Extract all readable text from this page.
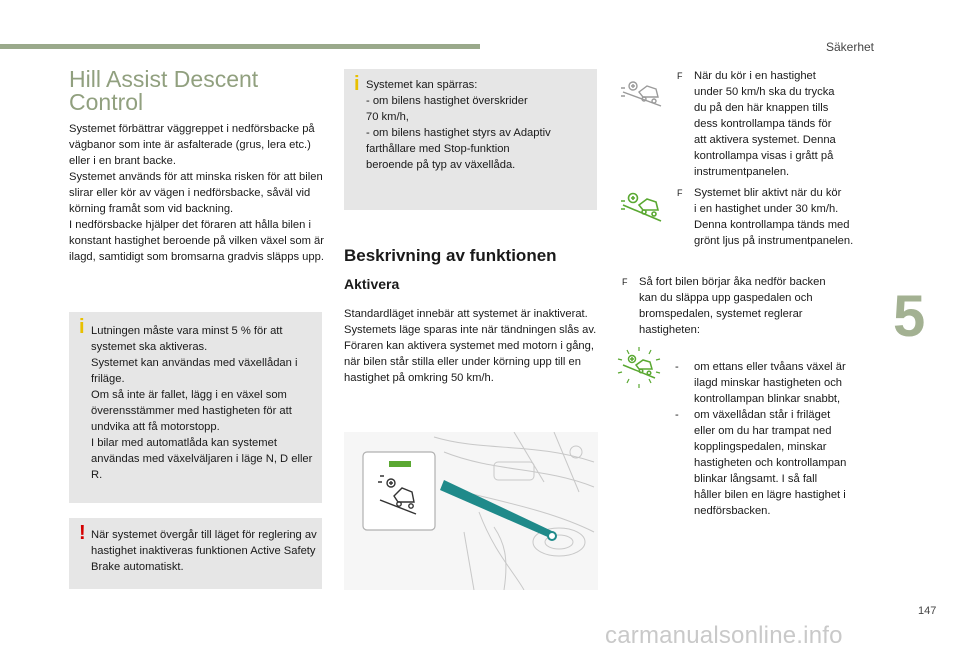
Säkerhet
5
147
carmanualsonline.info
Hill Assist Descent Control
Systemet förbättrar väggreppet i nedförsbacke på vägbanor som inte är asfalterade (grus, lera etc.) eller i en brant backe.
Systemet används för att minska risken för att bilen slirar eller kör av vägen i nedförsbacke, såväl vid körning framåt som vid backning.
I nedförsbacke hjälper det föraren att hålla bilen i konstant hastighet beroende på vilken växel som är ilagd, samtidigt som bromsarna gradvis släpps upp.
i Lutningen måste vara minst 5 % för att systemet ska aktiveras.
Systemet kan användas med växellådan i friläge.
Om så inte är fallet, lägg i en växel som överensstämmer med hastigheten för att undvika att få motorstopp.
I bilar med automatlåda kan systemet användas med växelväljaren i läge N, D eller R.
! När systemet övergår till läget för reglering av hastighet inaktiveras funktionen Active Safety Brake automatiskt.
i Systemet kan spärras:
- om bilens hastighet överskrider
70 km/h,
- om bilens hastighet styrs av Adaptiv
farthållare med Stop-funktion
beroende på typ av växellåda.
Beskrivning av funktionen
Aktivera
Standardläget innebär att systemet är inaktiverat.
Systemets läge sparas inte när tändningen slås av.
Föraren kan aktivera systemet med motorn i gång, när bilen står stilla eller under körning upp till en hastighet på omkring 50 km/h.
F När du kör i en hastighet
under 50 km/h ska du trycka
du på den här knappen tills
dess kontrollampa tänds för
att aktivera systemet. Denna
kontrollampa visas i grått på
instrumentpanelen.
F Systemet blir aktivt när du kör
i en hastighet under 30 km/h.
Denna kontrollampa tänds med
grönt ljus på instrumentpanelen.
F Så fort bilen börjar åka nedför backen
kan du släppa upp gaspedalen och
bromspedalen, systemet reglerar
hastigheten:
- om ettans eller tvåans växel är
ilagd minskar hastigheten och
kontrollampan blinkar snabbt,
- om växellådan står i friläget
eller om du har trampat ned
kopplingspedalen, minskar
hastigheten och kontrollampan
blinkar långsamt. I så fall
håller bilen en lägre hastighet i
nedförsbacken.
